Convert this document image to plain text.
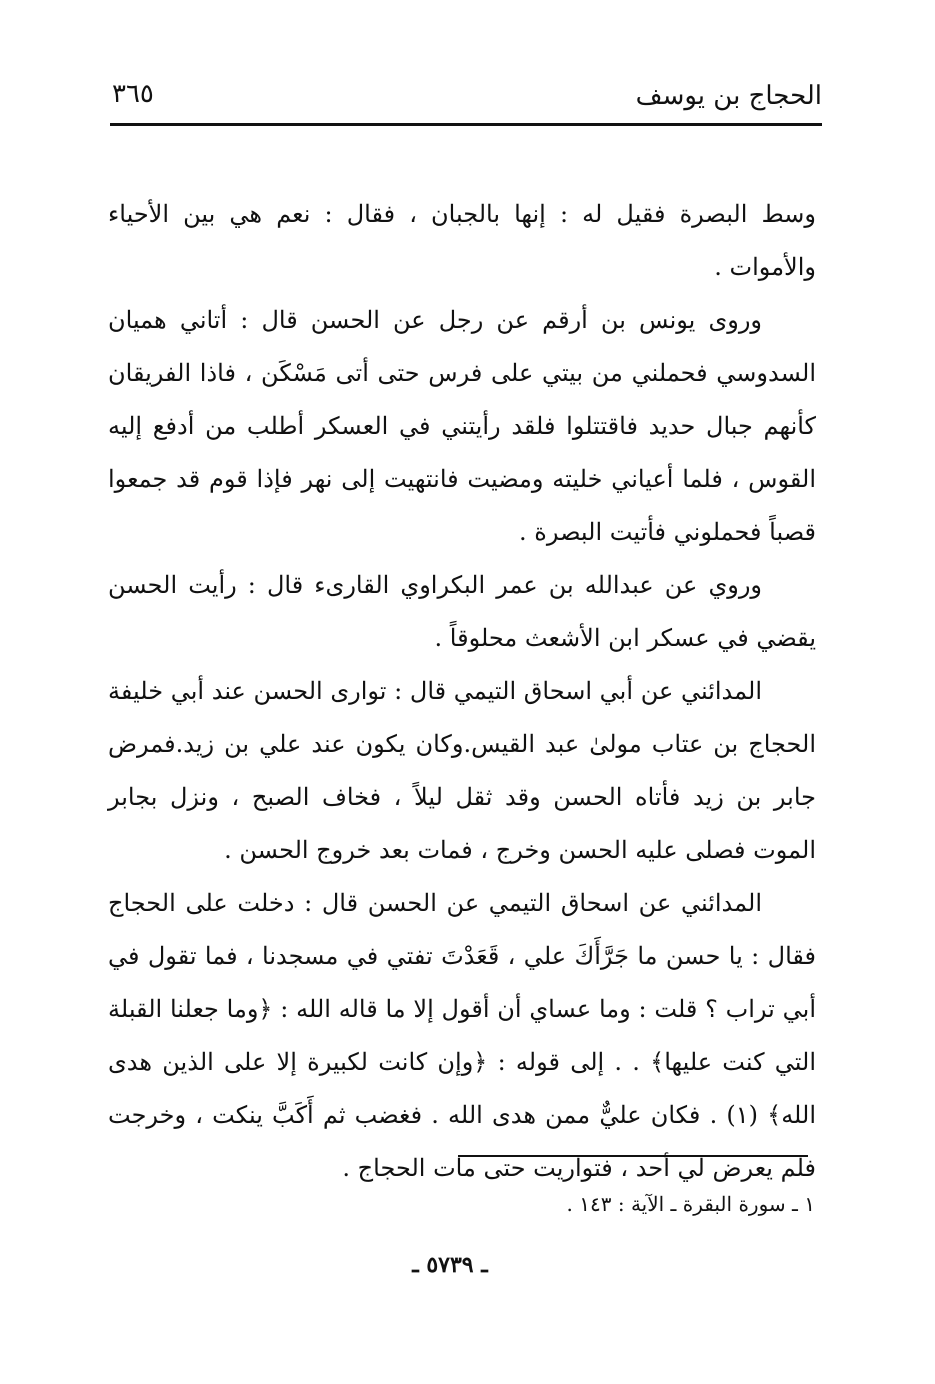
الحجاج بن يوسف
٣٦٥

وسط البصرة فقيل له : إنها بالجبان ، فقال : نعم هي بين الأحياء والأموات .

وروى يونس بن أرقم عن رجل عن الحسن قال : أتاني هميان السدوسي فحملني من بيتي على فرس حتى أتى مَسْكَن ، فاذا الفريقان كأنهم جبال حديد فاقتتلوا فلقد رأيتني في العسكر أطلب من أدفع إليه القوس ، فلما أعياني خليته ومضيت فانتهيت إلى نهر فإذا قوم قد جمعوا قصباً فحملوني فأتيت البصرة .

وروي عن عبدالله بن عمر البكراوي القارىء قال : رأيت الحسن يقضي في عسكر ابن الأشعث محلوقاً .

المدائني عن أبي اسحاق التيمي قال : توارى الحسن عند أبي خليفة الحجاج بن عتاب مولىٰ عبد القيس.وكان يكون عند علي بن زيد.فمرض جابر بن زيد فأتاه الحسن وقد ثقل ليلاً ، فخاف الصبح ، ونزل بجابر الموت فصلى عليه الحسن وخرج ، فمات بعد خروج الحسن .

المدائني عن اسحاق التيمي عن الحسن قال : دخلت على الحجاج فقال : يا حسن ما جَرَّأَكَ علي ، قَعَدْتَ تفتي في مسجدنا ، فما تقول في أبي تراب ؟ قلت : وما عساي أن أقول إلا ما قاله الله : ﴿وما جعلنا القبلة التي كنت عليها﴾ . . إلى قوله : ﴿وإن كانت لكبيرة إلا على الذين هدى الله﴾ (١) . فكان عليٌّ ممن هدى الله . فغضب ثم أَكَبَّ ينكت ، وخرجت فلم يعرض لي أحد ، فتواريت حتى مات الحجاج .

١ ـ سورة البقرة ـ الآية : ١٤٣ .
ـ ٥٧٣٩ ـ
